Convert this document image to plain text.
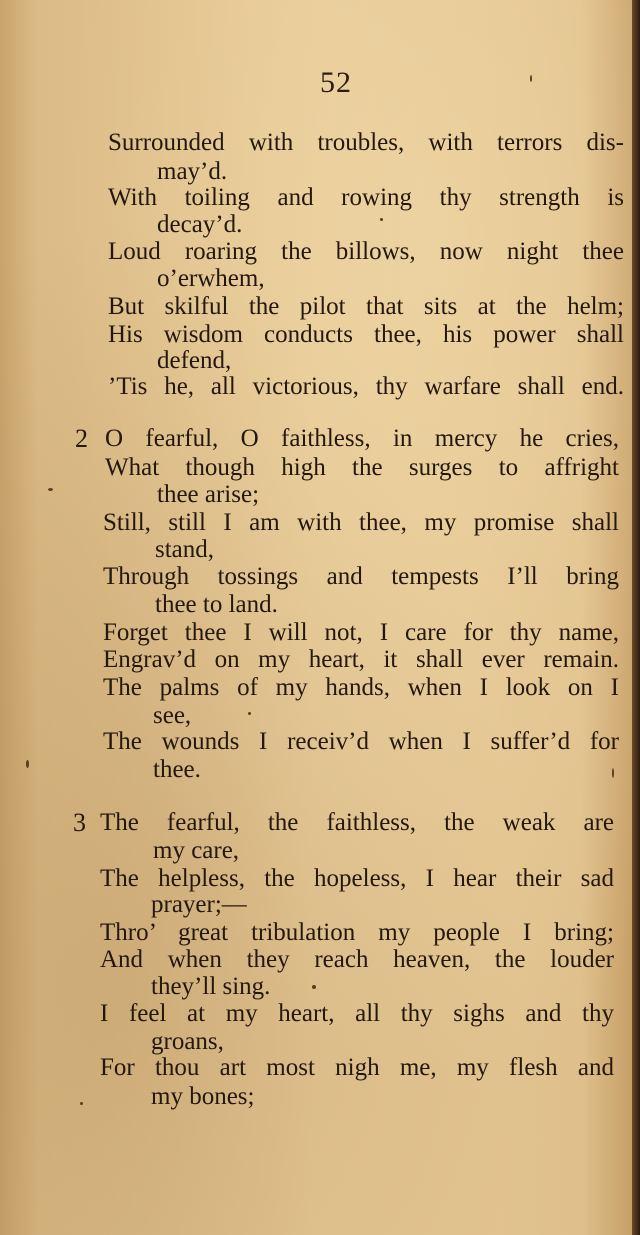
52
Surrounded with troubles, with terrors dis-
may’d.
With toiling and rowing thy strength is
decay’d.
Loud roaring the billows, now night thee
o’erwhem,
But skilful the pilot that sits at the helm;
His wisdom conducts thee, his power shall
defend,
’Tis he, all victorious, thy warfare shall end.
2 O fearful, O faithless, in mercy he cries,
What though high the surges to affright
thee arise;
Still, still I am with thee, my promise shall
stand,
Through tossings and tempests I’ll bring
thee to land.
Forget thee I will not, I care for thy name,
Engrav’d on my heart, it shall ever remain.
The palms of my hands, when I look on I
see,
The wounds I receiv’d when I suffer’d for
thee.
3 The fearful, the faithless, the weak are
my care,
The helpless, the hopeless, I hear their sad
prayer;—
Thro’ great tribulation my people I bring;
And when they reach heaven, the louder
they’ll sing.
I feel at my heart, all thy sighs and thy
groans,
For thou art most nigh me, my flesh and
my bones;
